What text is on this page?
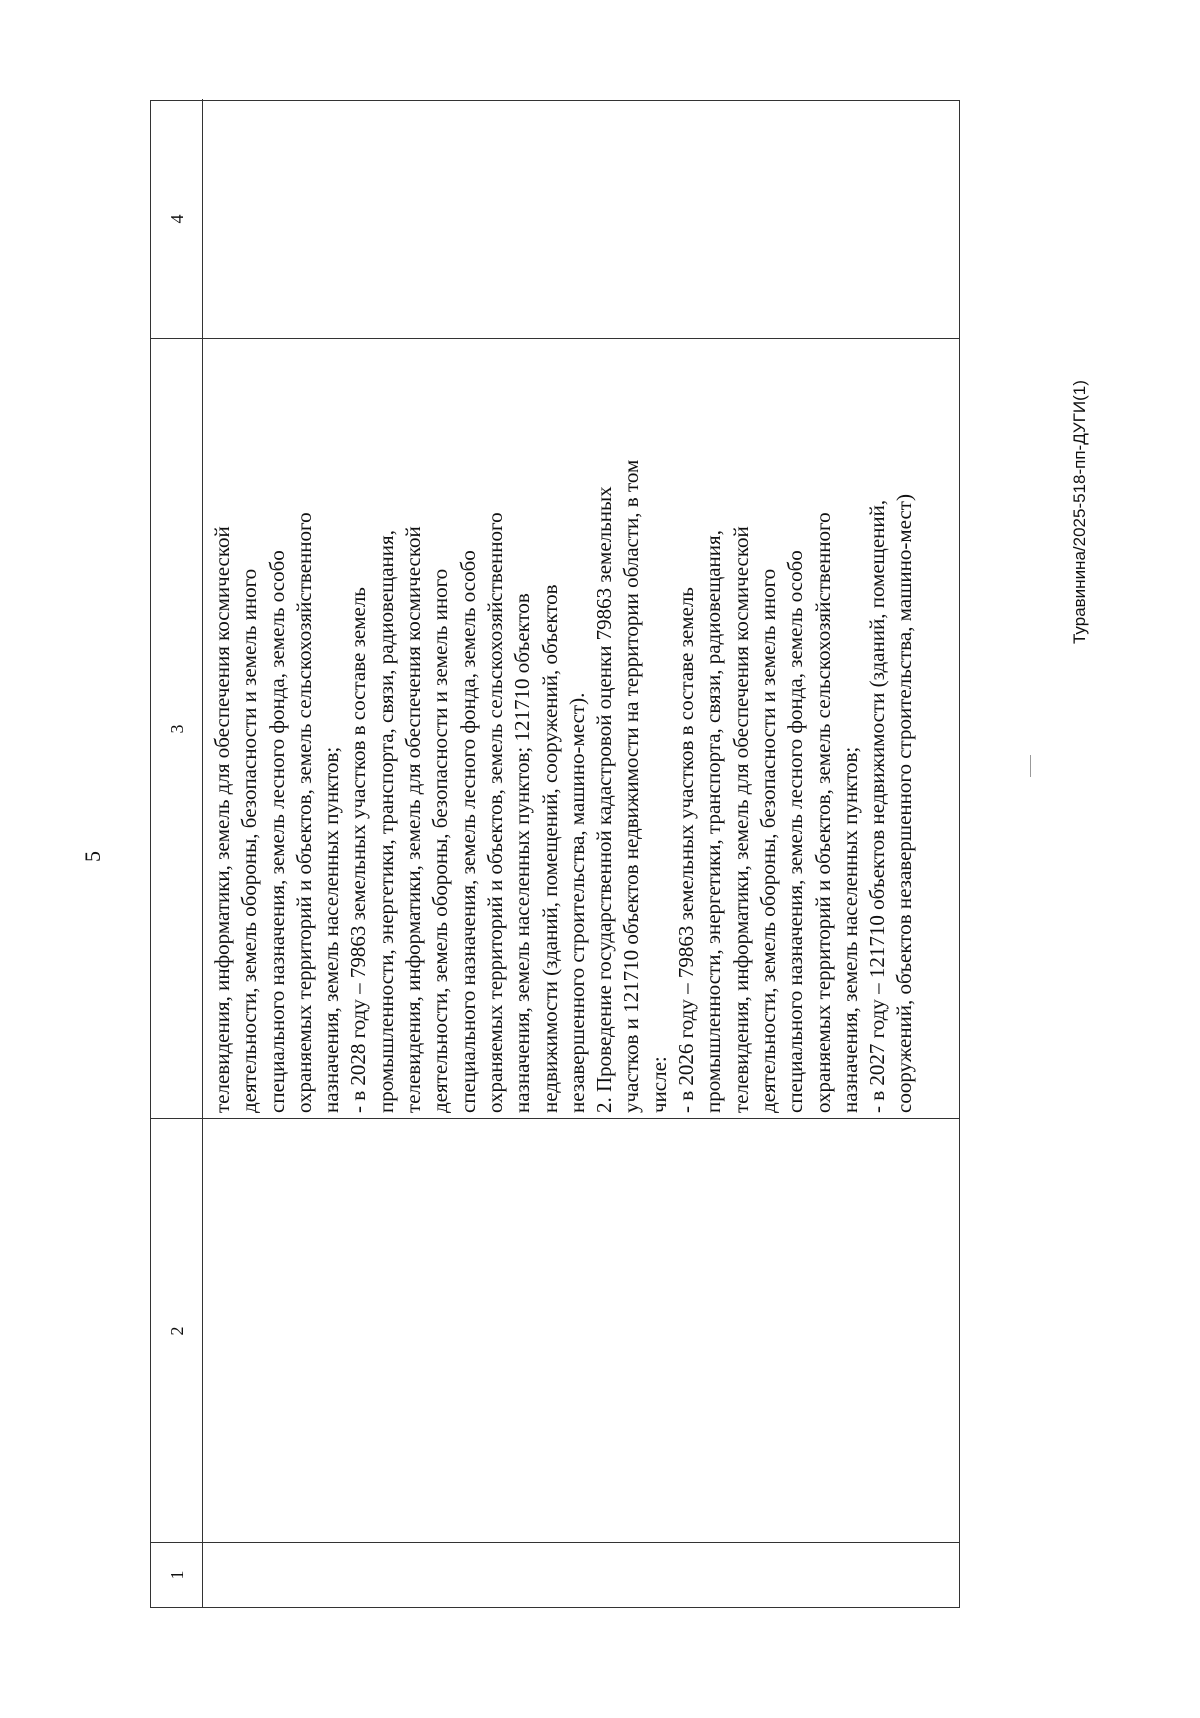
5
1
2
3
4
телевидения, информатики, земель для обеспечения космической деятельности, земель обороны, безопасности и земель иного специального назначения, земель лесного фонда, земель особо охраняемых территорий и объектов, земель сельскохозяйственного назначения, земель населенных пунктов; - в 2028 году – 79863 земельных участков в составе земель промышленности, энергетики, транспорта, связи, радиовещания, телевидения, информатики, земель для обеспечения космической деятельности, земель обороны, безопасности и земель иного специального назначения, земель лесного фонда, земель особо охраняемых территорий и объектов, земель сельскохозяйственного назначения, земель населенных пунктов; 121710 объектов недвижимости (зданий, помещений, сооружений, объектов незавершенного строительства, машино-мест). 2. Проведение государственной кадастровой оценки 79863 земельных участков и 121710 объектов недвижимости на территории области, в том числе: - в 2026 году – 79863 земельных участков в составе земель промышленности, энергетики, транспорта, связи, радиовещания, телевидения, информатики, земель для обеспечения космической деятельности, земель обороны, безопасности и земель иного специального назначения, земель лесного фонда, земель особо охраняемых территорий и объектов, земель сельскохозяйственного назначения, земель населенных пунктов; - в 2027 году – 121710 объектов недвижимости (зданий, помещений, сооружений, объектов незавершенного строительства, машино-мест)	Туравинина/2025-518-пп-ДУГИ(1)
